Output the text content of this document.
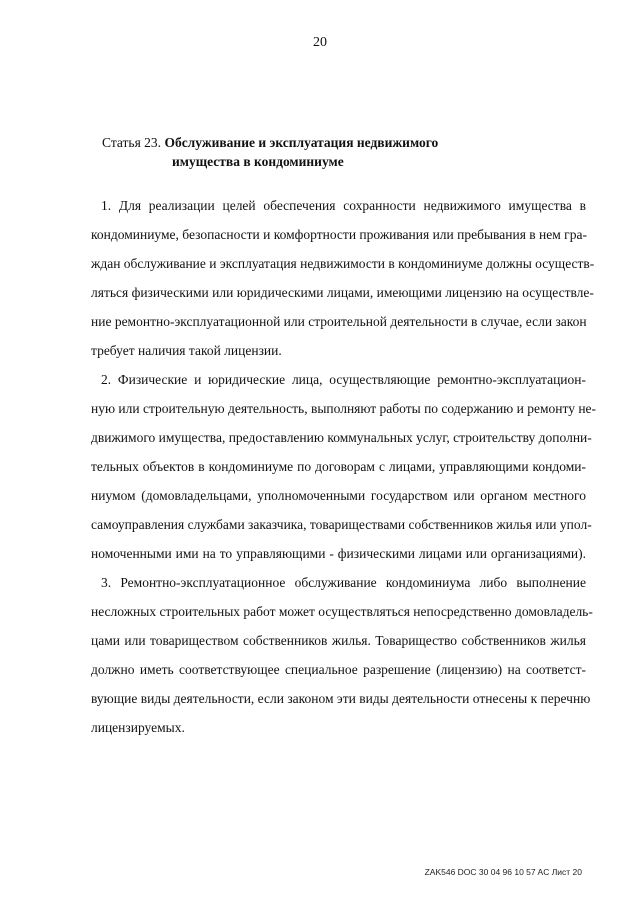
20
Статья 23. Обслуживание и эксплуатация недвижимого
имущества в кондоминиуме
1. Для реализации целей обеспечения сохранности недвижимого имущества в
кондоминиуме, безопасности и комфортности проживания или пребывания в нем гра-
ждан обслуживание и эксплуатация недвижимости в кондоминиуме должны осуществ-
ляться физическими или юридическими лицами, имеющими лицензию на осуществле-
ние ремонтно-эксплуатационной или строительной деятельности в случае, если закон
требует наличия такой лицензии.
2. Физические и юридические лица, осуществляющие ремонтно-эксплуатацион-
ную или строительную деятельность, выполняют работы по содержанию и ремонту не-
движимого имущества, предоставлению коммунальных услуг, строительству дополни-
тельных объектов в кондоминиуме по договорам с лицами, управляющими кондоми-
ниумом (домовладельцами, уполномоченными государством или органом местного
самоуправления службами заказчика, товариществами собственников жилья или упол-
номоченными ими на то управляющими - физическими лицами или организациями).
3. Ремонтно-эксплуатационное обслуживание кондоминиума либо выполнение
несложных строительных работ может осуществляться непосредственно домовладель-
цами или товариществом собственников жилья. Товарищество собственников жилья
должно иметь соответствующее специальное разрешение (лицензию) на соответст-
вующие виды деятельности, если законом эти виды деятельности отнесены к перечню
лицензируемых.
ZAK546 DOC 30 04 96 10 57 AC Лист 20
